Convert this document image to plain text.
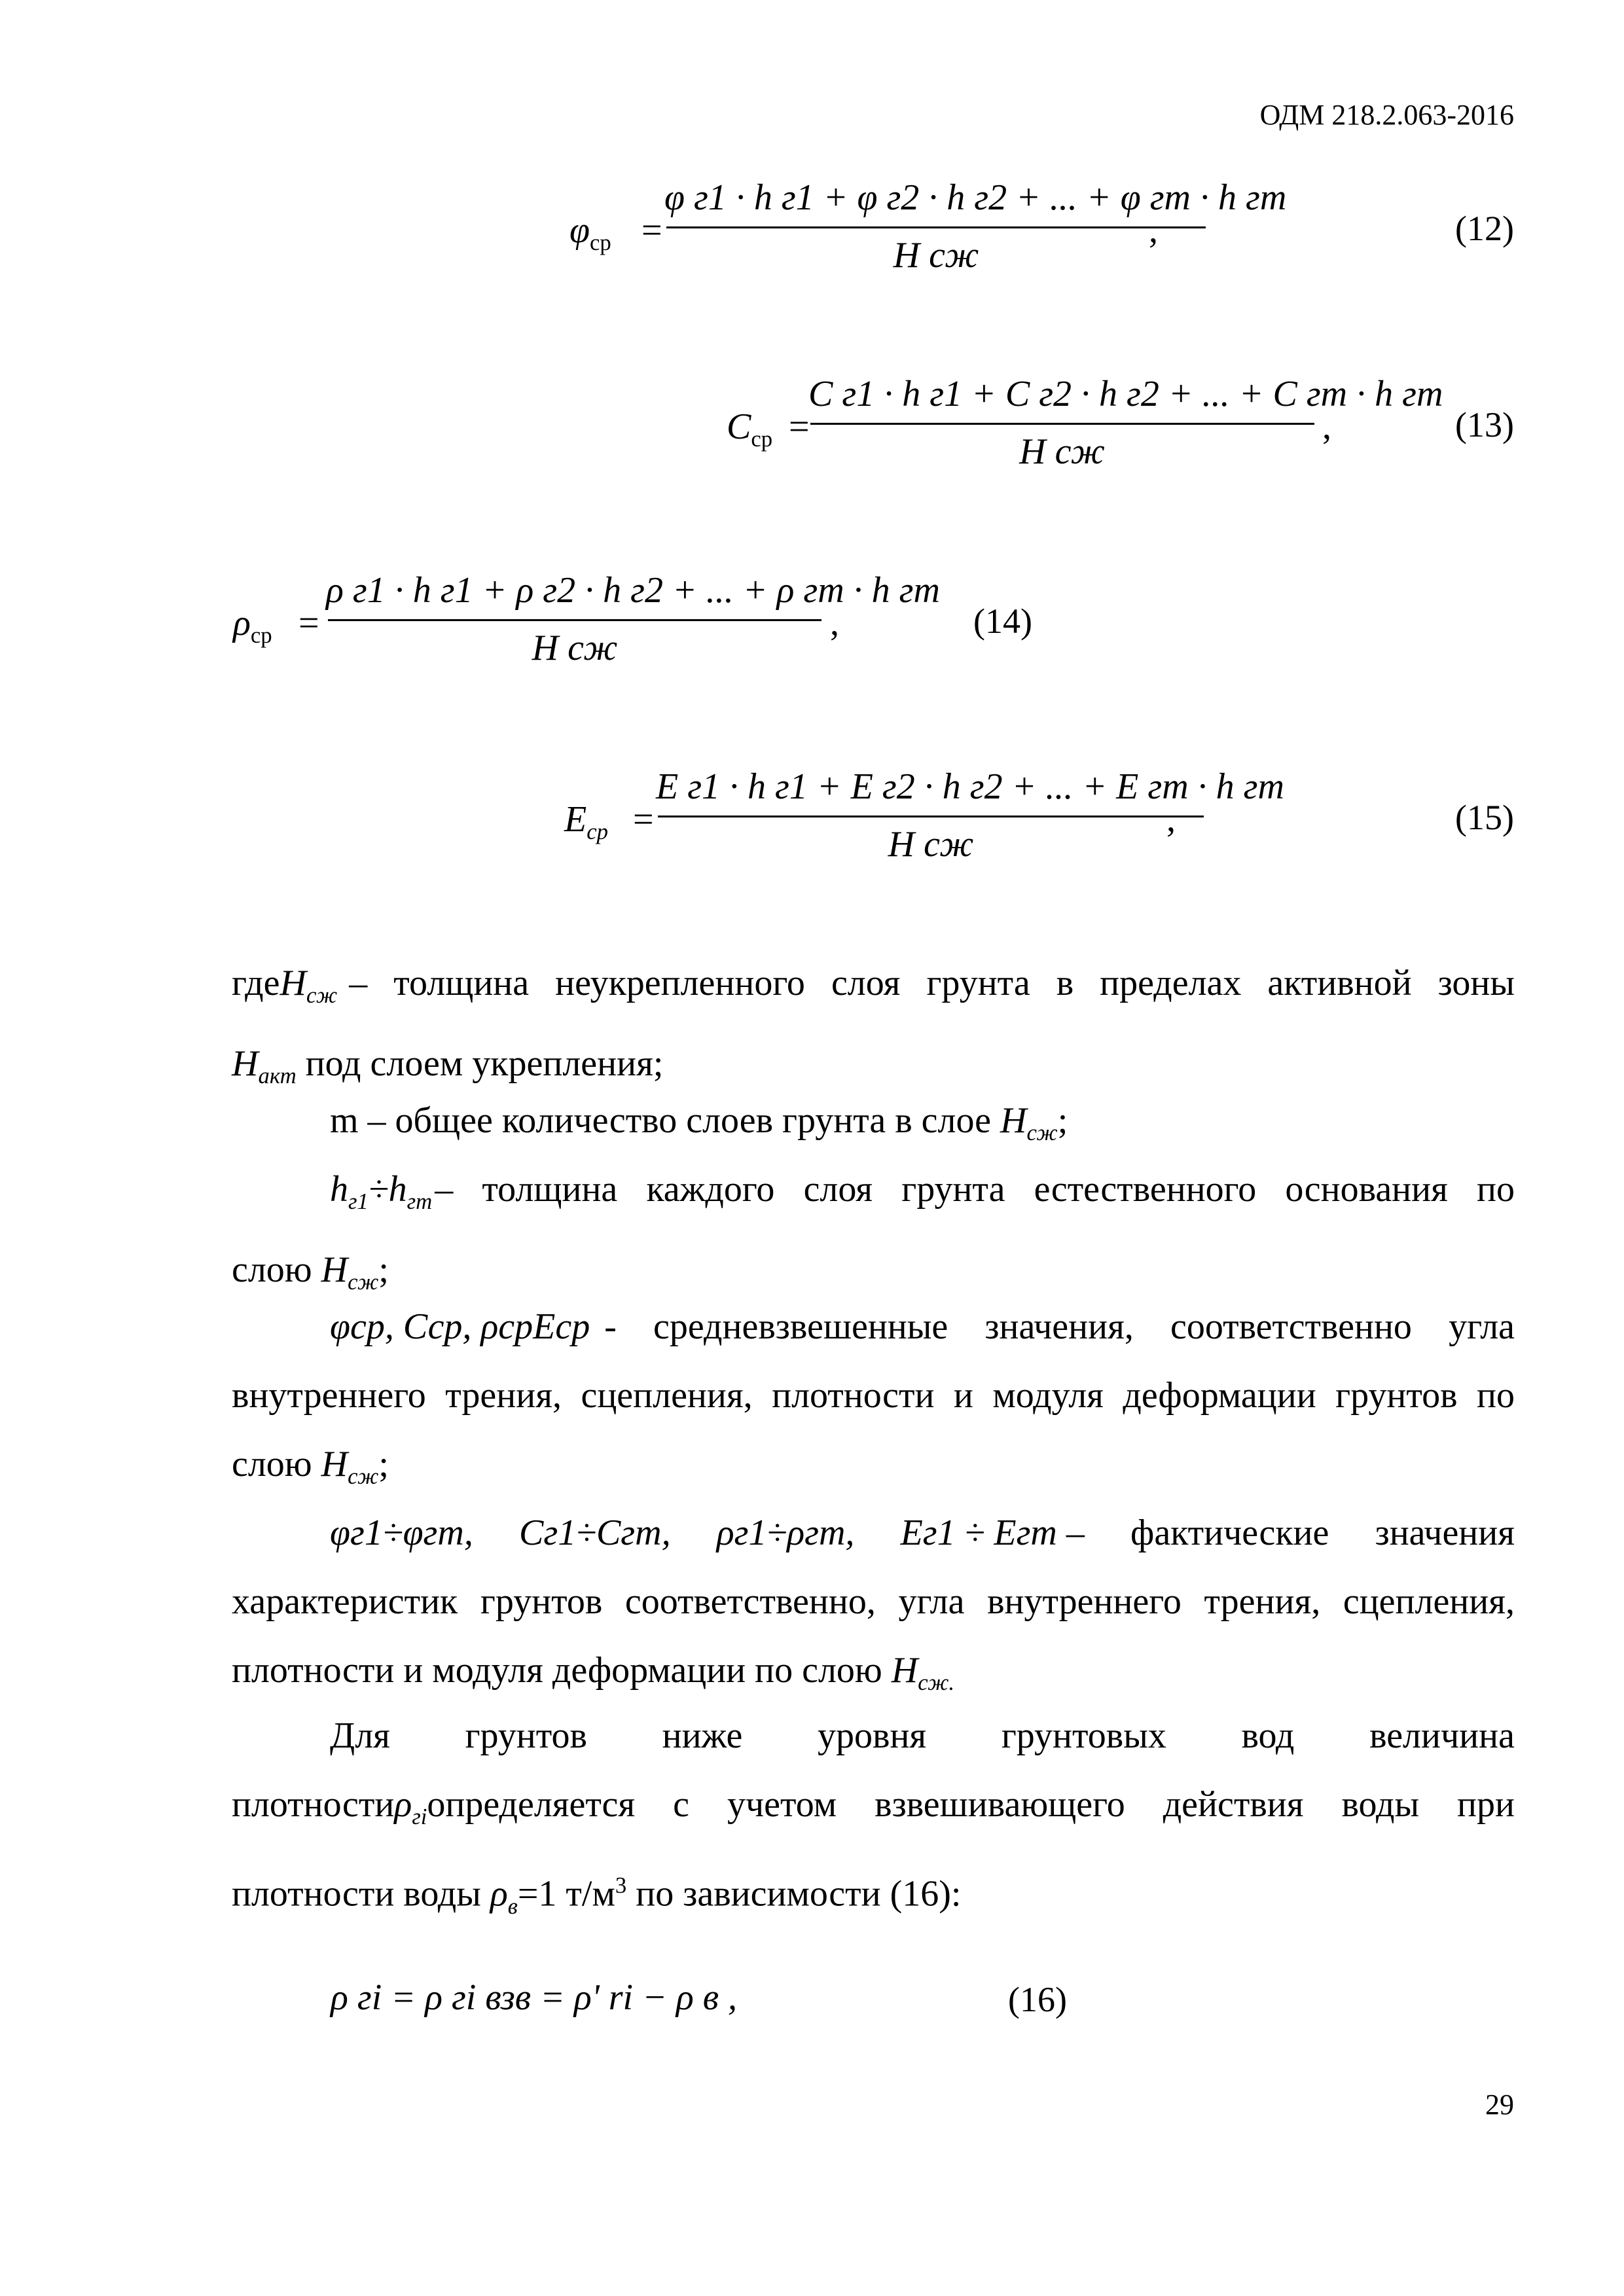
ОДМ 218.2.063-2016
$\varphi_{ср}$ =
φ г1 · h г1 + φ г2 · h г2 + ... + φ гm · h гm
H сж
,	(12)
$C_{ср}$ =
C г1 · h г1 + C г2 · h г2 + ... + C гm · h гm
H сж
,	(13)
$\rho_{ср}$ =
ρ г1 · h г1 + ρ г2 · h г2 + ... + ρ гm · h гm
H сж
,	(14)
$E_{ср}$ =
E г1 · h г1 + E г2 · h г2 + ... + E гm · h гm
H сж
,	(15)
где $H_{сж}$ – толщина неукрепленного слоя грунта в пределах активной зоны
$H_{акт}$ под слоем укрепления;
m – общее количество слоев грунта в слое $H_{сж}$;
$h_{г1}\div h_{гm}$ – толщина каждого слоя грунта естественного основания по
слою $H_{сж}$;
φср, Сср, ρсрЕср - средневзвешенные значения, соответственно угла
внутреннего трения, сцепления, плотности и модуля деформации грунтов по
слою $H_{сж}$;
φг1÷φгm, Сг1÷Сгm, ρг1÷ρгm, Eг1 ÷ Eгm – фактические значения
характеристик грунтов соответственно, угла внутреннего трения, сцепления,
плотности и модуля деформации по слою $H_{сж.}$
Для грунтов ниже уровня грунтовых вод величина
плотностиρ$_{гi}$ определяется с учетом взвешивающего действия воды при
плотности воды $\rho_в=1$ $т/м^3$ по зависимости (16):
ρ гi = ρ гi взв = ρ' ri − ρ в ,	(16)
29
